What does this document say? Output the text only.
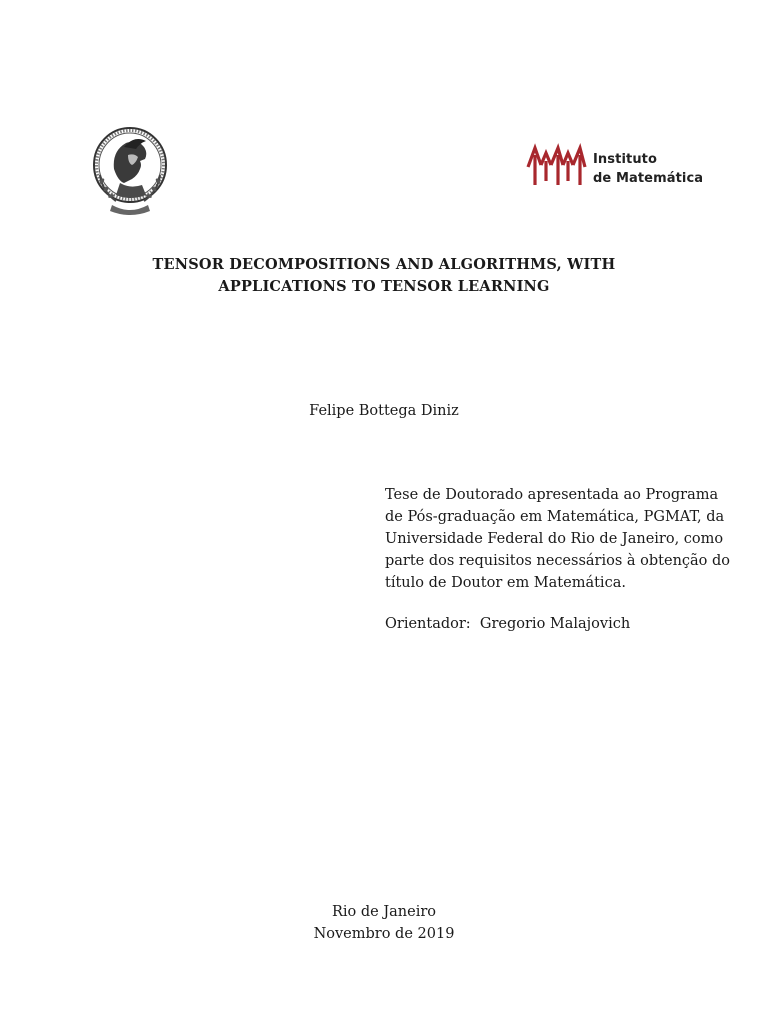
Instituto
de Matemática
TENSOR DECOMPOSITIONS AND ALGORITHMS, WITH
APPLICATIONS TO TENSOR LEARNING
Felipe Bottega Diniz
Tese de Doutorado apresentada ao Programa
de Pós-graduação em Matemática, PGMAT, da
Universidade Federal do Rio de Janeiro, como
parte dos requisitos necessários à obtenção do
título de Doutor em Matemática.
Orientador:  Gregorio Malajovich
Rio de Janeiro
Novembro de 2019
